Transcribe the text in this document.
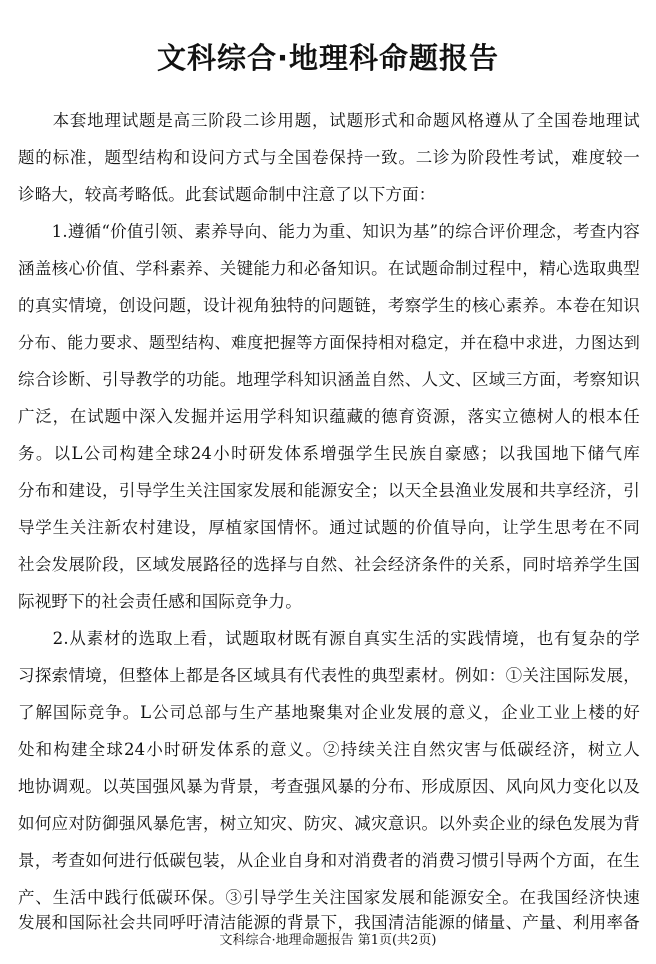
文科综合·地理科命题报告
　　本套地理试题是高三阶段二诊用题，试题形式和命题风格遵从了全国卷地理试
题的标准，题型结构和设问方式与全国卷保持一致。二诊为阶段性考试，难度较一
诊略大，较高考略低。此套试题命制中注意了以下方面：
　　1.遵循“价值引领、素养导向、能力为重、知识为基”的综合评价理念，考查内容
涵盖核心价值、学科素养、关键能力和必备知识。在试题命制过程中，精心选取典型
的真实情境，创设问题，设计视角独特的问题链，考察学生的核心素养。本卷在知识
分布、能力要求、题型结构、难度把握等方面保持相对稳定，并在稳中求进，力图达到
综合诊断、引导教学的功能。地理学科知识涵盖自然、人文、区域三方面，考察知识
广泛，在试题中深入发掘并运用学科知识蕴藏的德育资源，落实立德树人的根本任
务。以L公司构建全球24小时研发体系增强学生民族自豪感；以我国地下储气库
分布和建设，引导学生关注国家发展和能源安全；以天全县渔业发展和共享经济，引
导学生关注新农村建设，厚植家国情怀。通过试题的价值导向，让学生思考在不同
社会发展阶段，区域发展路径的选择与自然、社会经济条件的关系，同时培养学生国
际视野下的社会责任感和国际竞争力。
　　2.从素材的选取上看，试题取材既有源自真实生活的实践情境，也有复杂的学
习探索情境，但整体上都是各区域具有代表性的典型素材。例如：①关注国际发展，
了解国际竞争。L公司总部与生产基地聚集对企业发展的意义，企业工业上楼的好
处和构建全球24小时研发体系的意义。②持续关注自然灾害与低碳经济，树立人
地协调观。以英国强风暴为背景，考查强风暴的分布、形成原因、风向风力变化以及
如何应对防御强风暴危害，树立知灾、防灾、减灾意识。以外卖企业的绿色发展为背
景，考查如何进行低碳包装，从企业自身和对消费者的消费习惯引导两个方面，在生
产、生活中践行低碳环保。③引导学生关注国家发展和能源安全。在我国经济快速
发展和国际社会共同呼吁清洁能源的背景下，我国清洁能源的储量、产量、利用率备
文科综合·地理命题报告 第1页(共2页)
